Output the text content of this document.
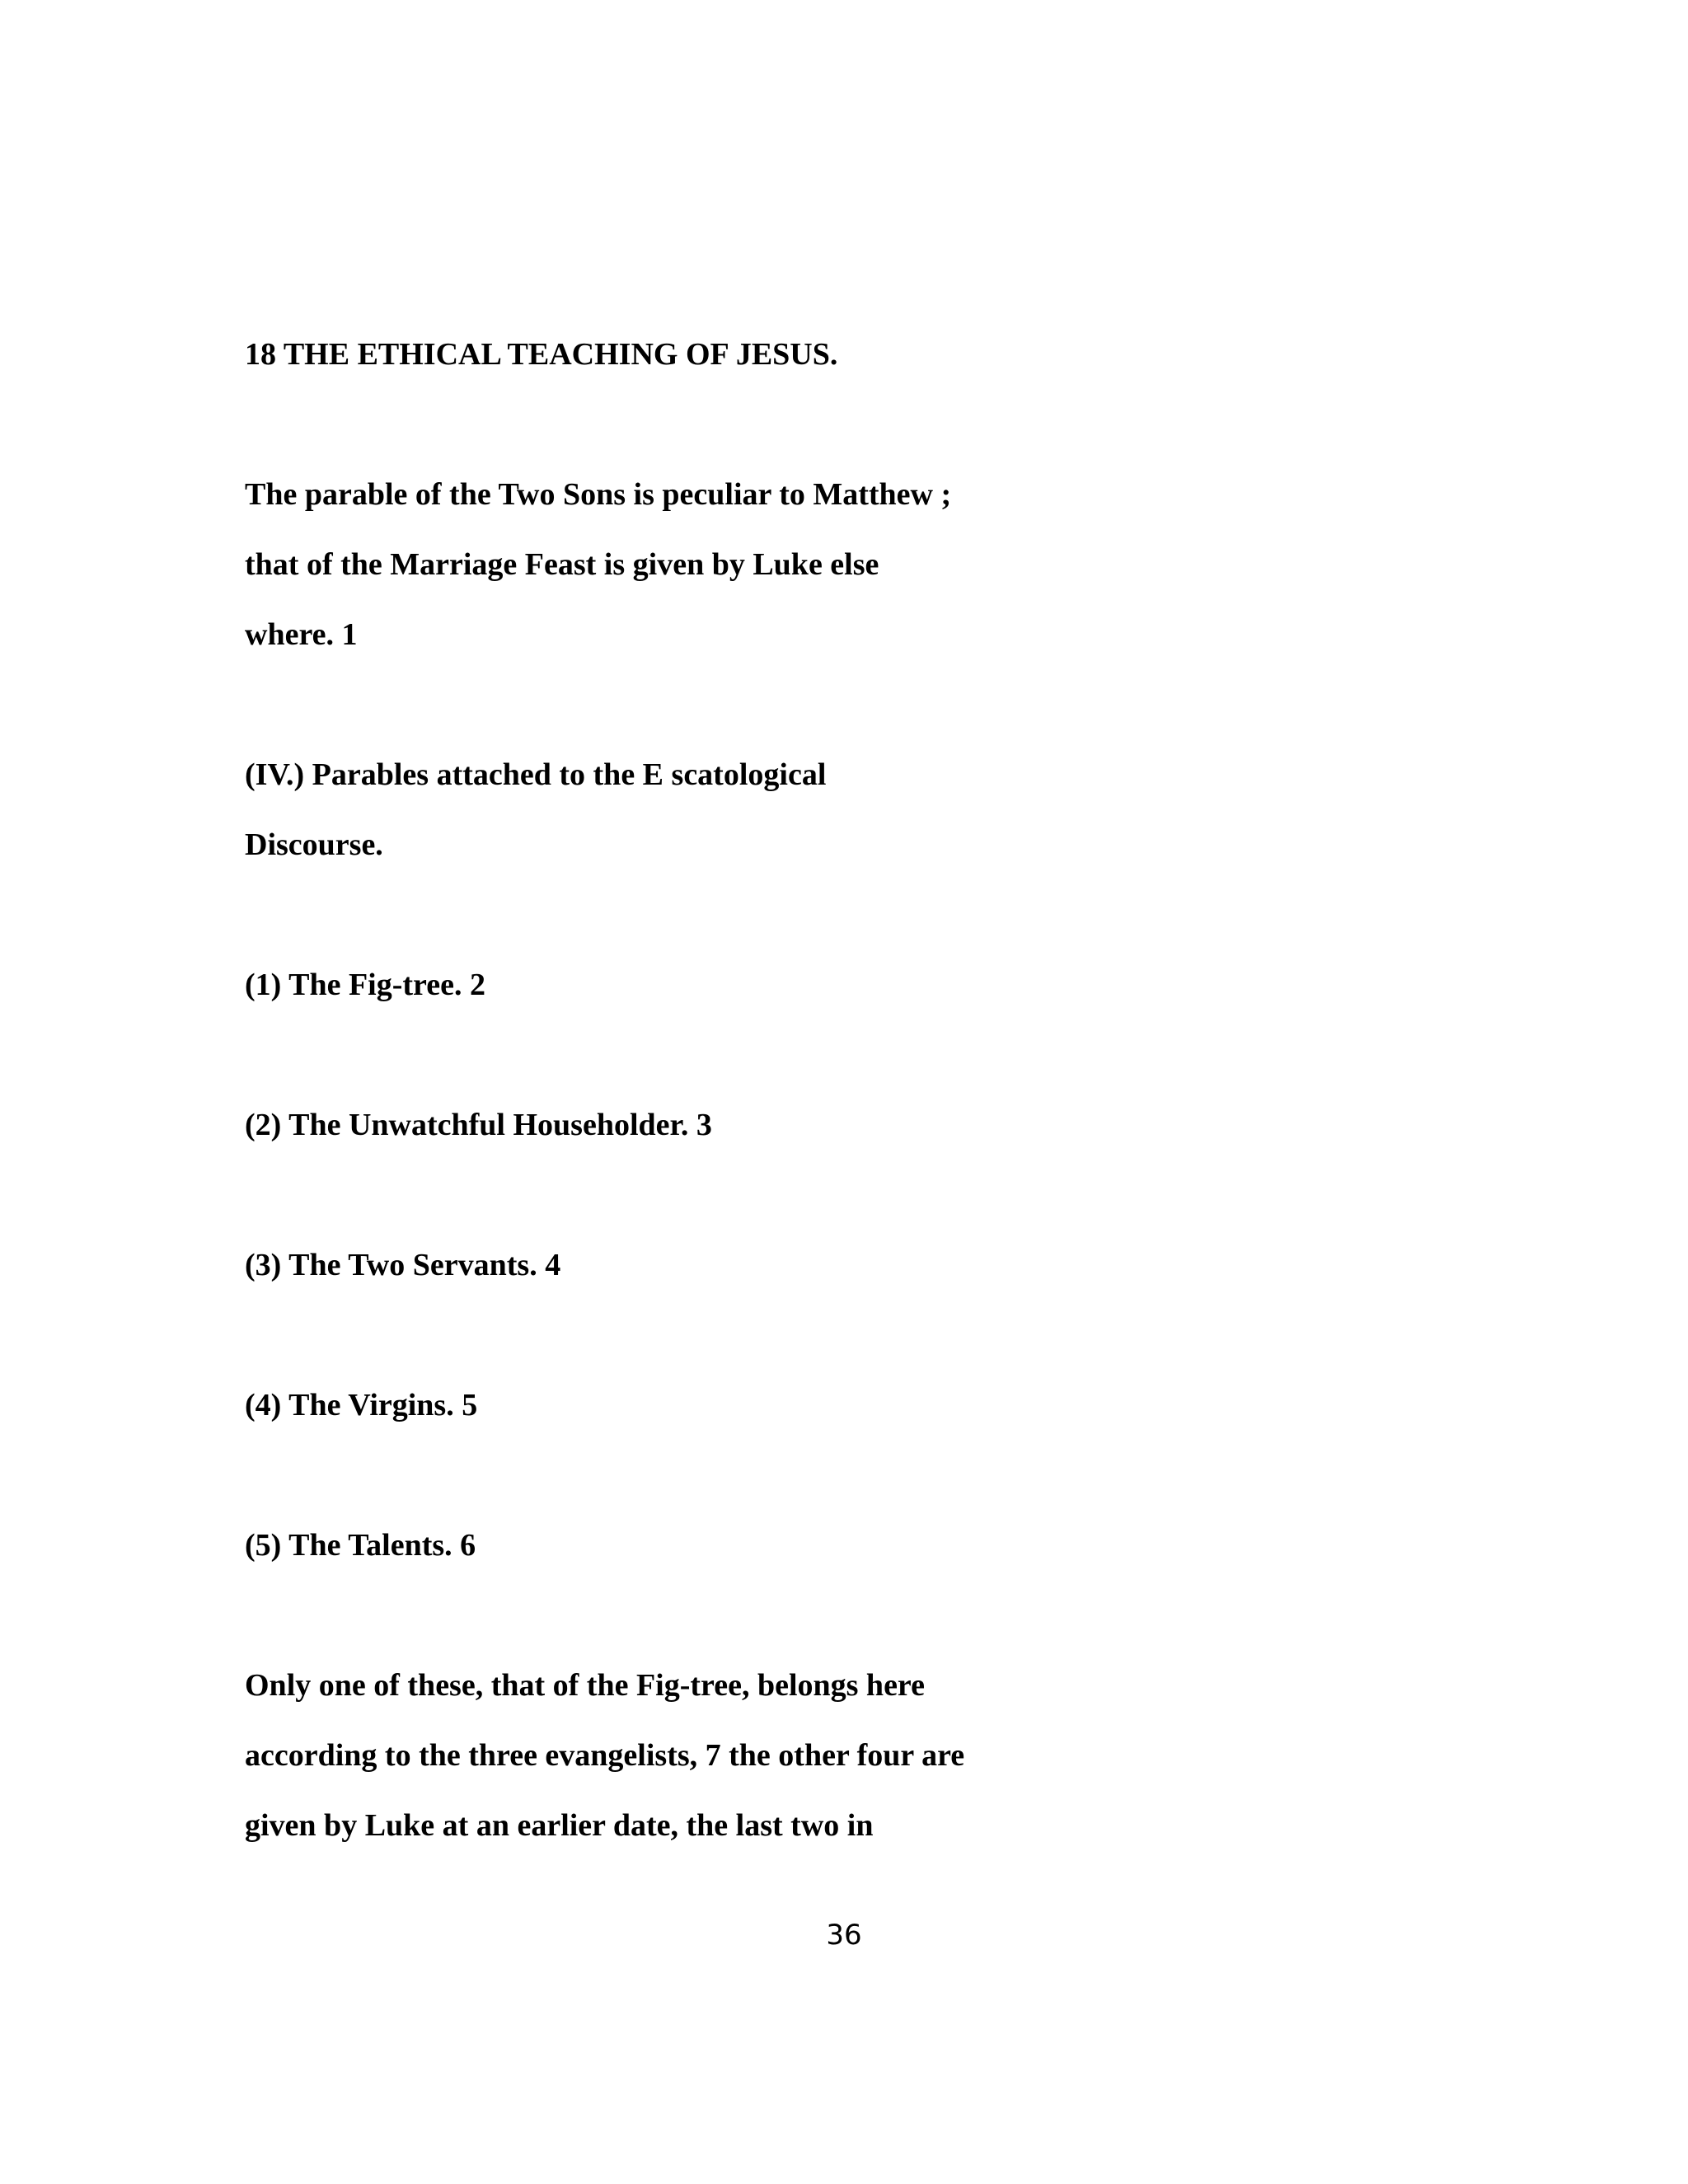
18 THE ETHICAL TEACHING OF JESUS.

The parable of the Two Sons is peculiar to Matthew ;

that of the Marriage Feast is given by Luke else

where. 1

(IV.) Parables attached to the E scatological

Discourse.

(1) The Fig-tree. 2

(2) The Unwatchful Householder. 3

(3) The Two Servants. 4

(4) The Virgins. 5

(5) The Talents. 6

Only one of these, that of the Fig-tree, belongs here

according to the three evangelists, 7 the other four are

given by Luke at an earlier date, the last two in

36
